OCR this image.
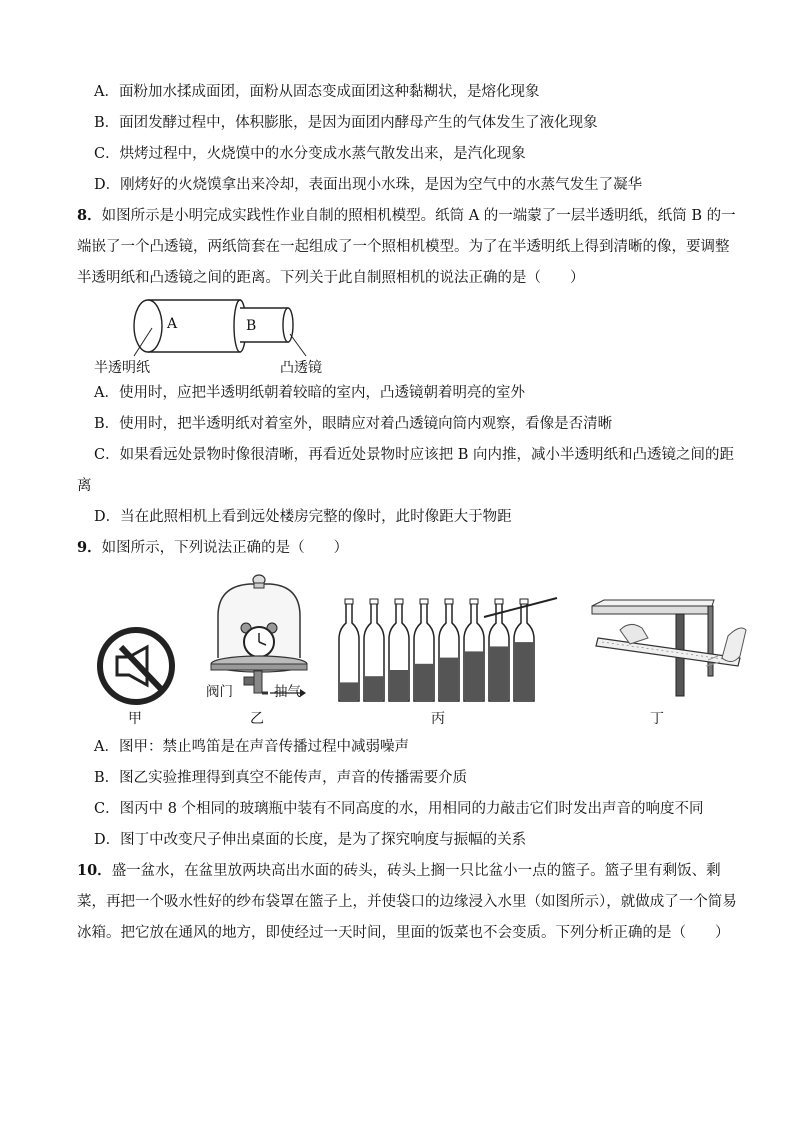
A．面粉加水揉成面团，面粉从固态变成面团这种黏糊状，是熔化现象
B．面团发酵过程中，体积膨胀，是因为面团内酵母产生的气体发生了液化现象
C．烘烤过程中，火烧馍中的水分变成水蒸气散发出来，是汽化现象
D．刚烤好的火烧馍拿出来冷却，表面出现小水珠，是因为空气中的水蒸气发生了凝华
8．如图所示是小明完成实践性作业自制的照相机模型。纸筒 A 的一端蒙了一层半透明纸，纸筒 B 的一
端嵌了一个凸透镜，两纸筒套在一起组成了一个照相机模型。为了在半透明纸上得到清晰的像，要调整
半透明纸和凸透镜之间的距离。下列关于此自制照相机的说法正确的是（　　）
A	B
半透明纸	凸透镜
A．使用时，应把半透明纸朝着较暗的室内，凸透镜朝着明亮的室外
B．使用时，把半透明纸对着室外，眼睛应对着凸透镜向筒内观察，看像是否清晰
C．如果看远处景物时像很清晰，再看近处景物时应该把 B 向内推，减小半透明纸和凸透镜之间的距
离
D．当在此照相机上看到远处楼房完整的像时，此时像距大于物距
9．如图所示，下列说法正确的是（　　）
甲
阀门	抽气
乙	丙	丁
A．图甲：禁止鸣笛是在声音传播过程中减弱噪声
B．图乙实验推理得到真空不能传声，声音的传播需要介质
C．图丙中 8 个相同的玻璃瓶中装有不同高度的水，用相同的力敲击它们时发出声音的响度不同
D．图丁中改变尺子伸出桌面的长度，是为了探究响度与振幅的关系
10．盛一盆水，在盆里放两块高出水面的砖头，砖头上搁一只比盆小一点的篮子。篮子里有剩饭、剩
菜，再把一个吸水性好的纱布袋罩在篮子上，并使袋口的边缘浸入水里（如图所示），就做成了一个简易
冰箱。把它放在通风的地方，即使经过一天时间，里面的饭菜也不会变质。下列分析正确的是（　　）
